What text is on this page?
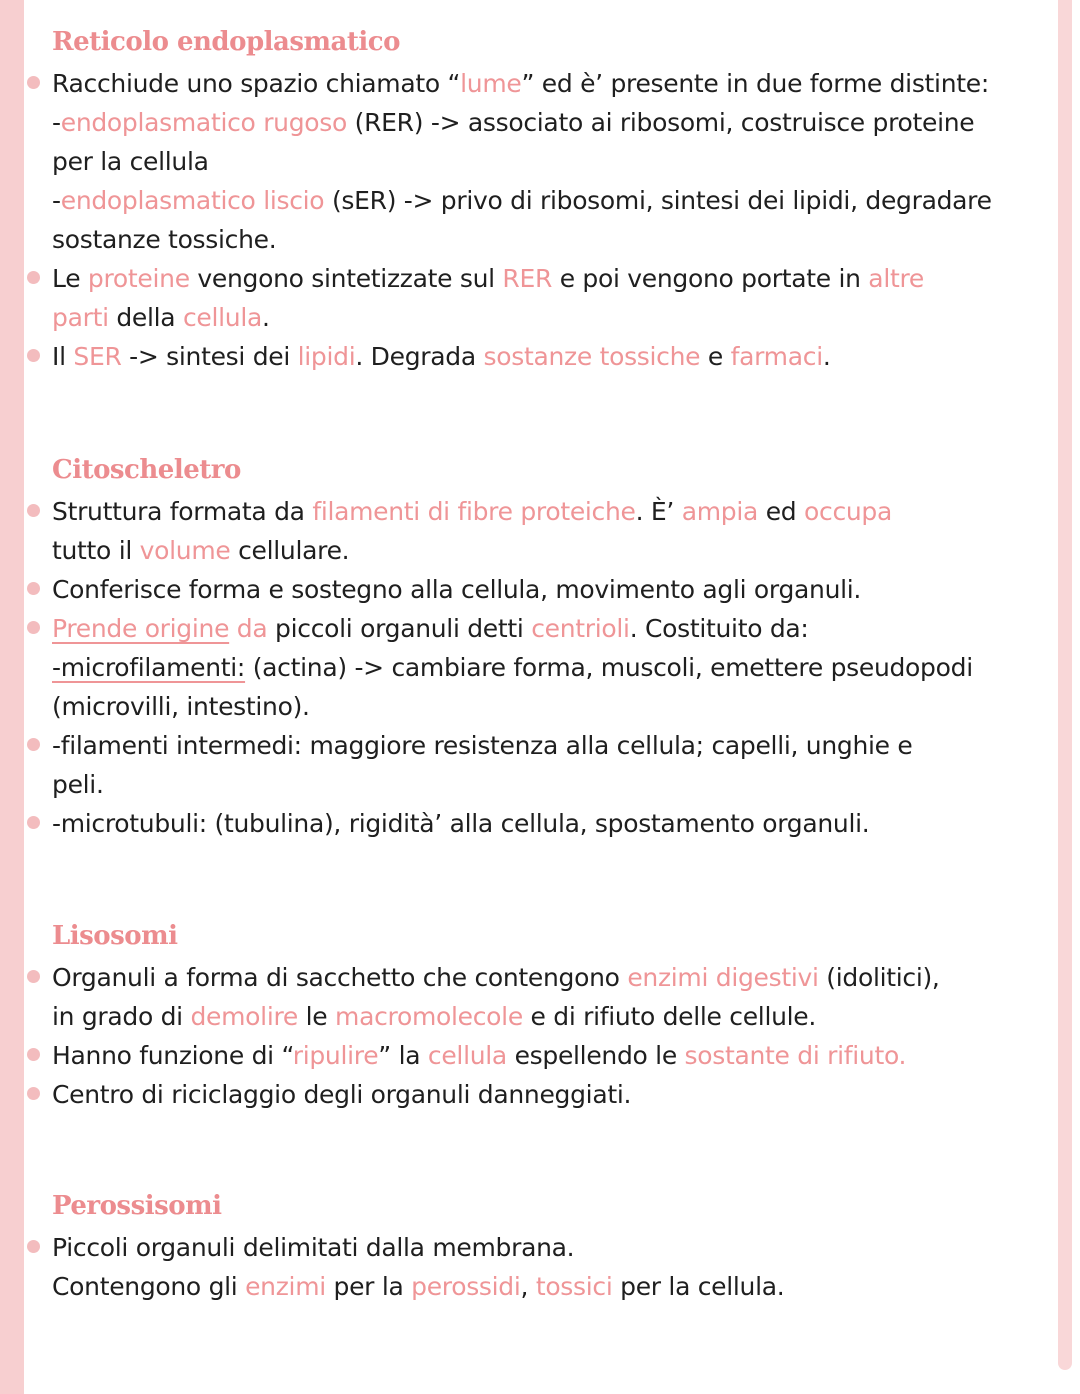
Reticolo endoplasmatico
Racchiude uno spazio chiamato “lume” ed è’ presente in due forme distinte:
-endoplasmatico rugoso (RER) -> associato ai ribosomi, costruisce proteine
per la cellula
-endoplasmatico liscio (sER) -> privo di ribosomi, sintesi dei lipidi, degradare
sostanze tossiche.
Le proteine vengono sintetizzate sul RER e poi vengono portate in altre
parti della cellula.
Il SER -> sintesi dei lipidi. Degrada sostanze tossiche e farmaci.
Citoscheletro
Struttura formata da filamenti di fibre proteiche. È’ ampia ed occupa
tutto il volume cellulare.
Conferisce forma e sostegno alla cellula, movimento agli organuli.
Prende origine da piccoli organuli detti centrioli. Costituito da:
-microfilamenti: (actina) -> cambiare forma, muscoli, emettere pseudopodi
(microvilli, intestino).
-filamenti intermedi: maggiore resistenza alla cellula; capelli, unghie e
peli.
-microtubuli: (tubulina), rigidità’ alla cellula, spostamento organuli.
Lisosomi
Organuli a forma di sacchetto che contengono enzimi digestivi (idolitici),
in grado di demolire le macromolecole e di rifiuto delle cellule.
Hanno funzione di “ripulire” la cellula espellendo le sostante di rifiuto.
Centro di riciclaggio degli organuli danneggiati.
Perossisomi
Piccoli organuli delimitati dalla membrana.
Contengono gli enzimi per la perossidi, tossici per la cellula.
